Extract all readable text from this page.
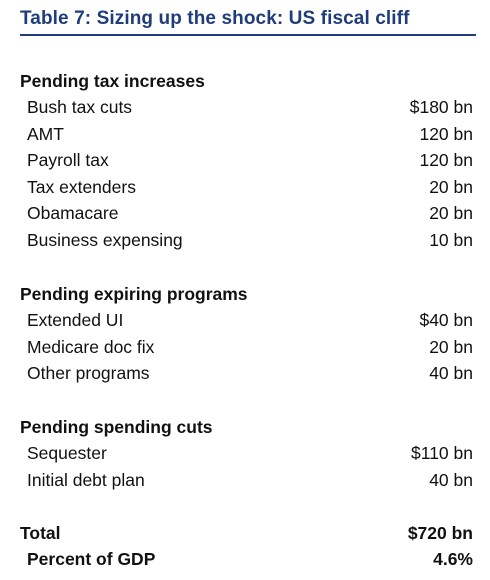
Table 7: Sizing up the shock: US fiscal cliff
Pending tax increases
Bush tax cuts	$180 bn
AMT	120 bn
Payroll tax	120 bn
Tax extenders	20 bn
Obamacare	20 bn
Business expensing	10 bn
Pending expiring programs
Extended UI	$40 bn
Medicare doc fix	20 bn
Other programs	40 bn
Pending spending cuts
Sequester	$110 bn
Initial debt plan	40 bn
Total	$720 bn
Percent of GDP	4.6%
